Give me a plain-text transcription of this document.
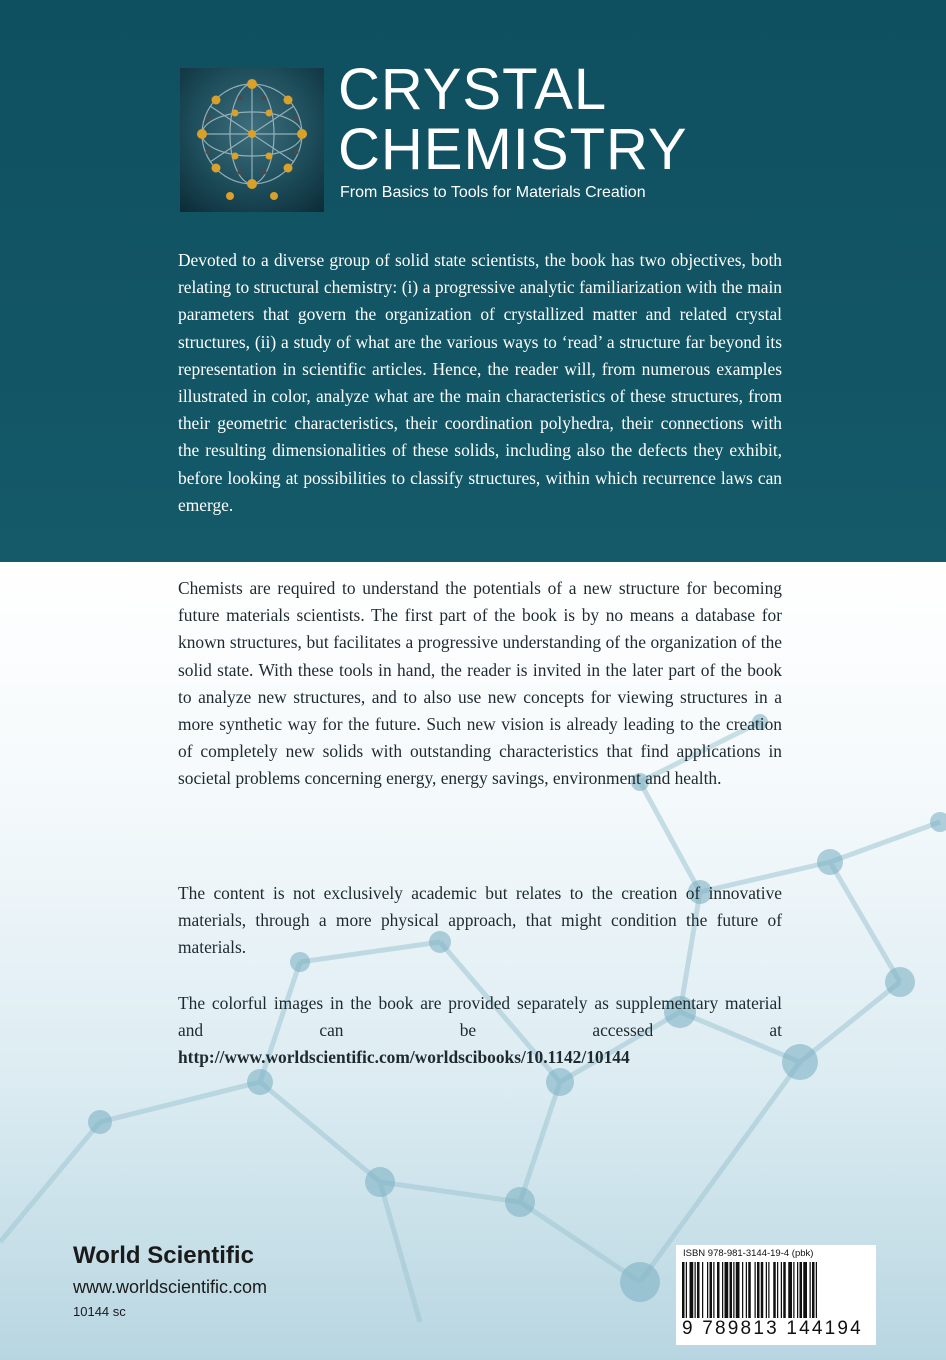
CRYSTAL
CHEMISTRY
From Basics to Tools for Materials Creation

Devoted to a diverse group of solid state scientists, the book has two objectives, both relating to structural chemistry: (i) a progressive analytic familiarization with the main parameters that govern the organization of crystallized matter and related crystal structures, (ii) a study of what are the various ways to ‘read’ a structure far beyond its representation in scientific articles. Hence, the reader will, from numerous examples illustrated in color, analyze what are the main characteristics of these structures, from their geometric characteristics, their coordination polyhedra, their connections with the resulting dimensionalities of these solids, including also the defects they exhibit, before looking at possibilities to classify structures, within which recurrence laws can emerge.

Chemists are required to understand the potentials of a new structure for becoming future materials scientists. The first part of the book is by no means a database for known structures, but facilitates a progressive understanding of the organization of the solid state. With these tools in hand, the reader is invited in the later part of the book to analyze new structures, and to also use new concepts for viewing structures in a more synthetic way for the future. Such new vision is already leading to the creation of completely new solids with outstanding characteristics that find applications in societal problems concerning energy, energy savings, environment and health.

The content is not exclusively academic but relates to the creation of innovative materials, through a more physical approach, that might condition the future of materials.

The colorful images in the book are provided separately as supplementary material and can be accessed at http://www.worldscientific.com/worldscibooks/10.1142/10144

World Scientific
www.worldscientific.com
10144 sc
ISBN 978-981-3144-19-4 (pbk)
9 789813 144194
